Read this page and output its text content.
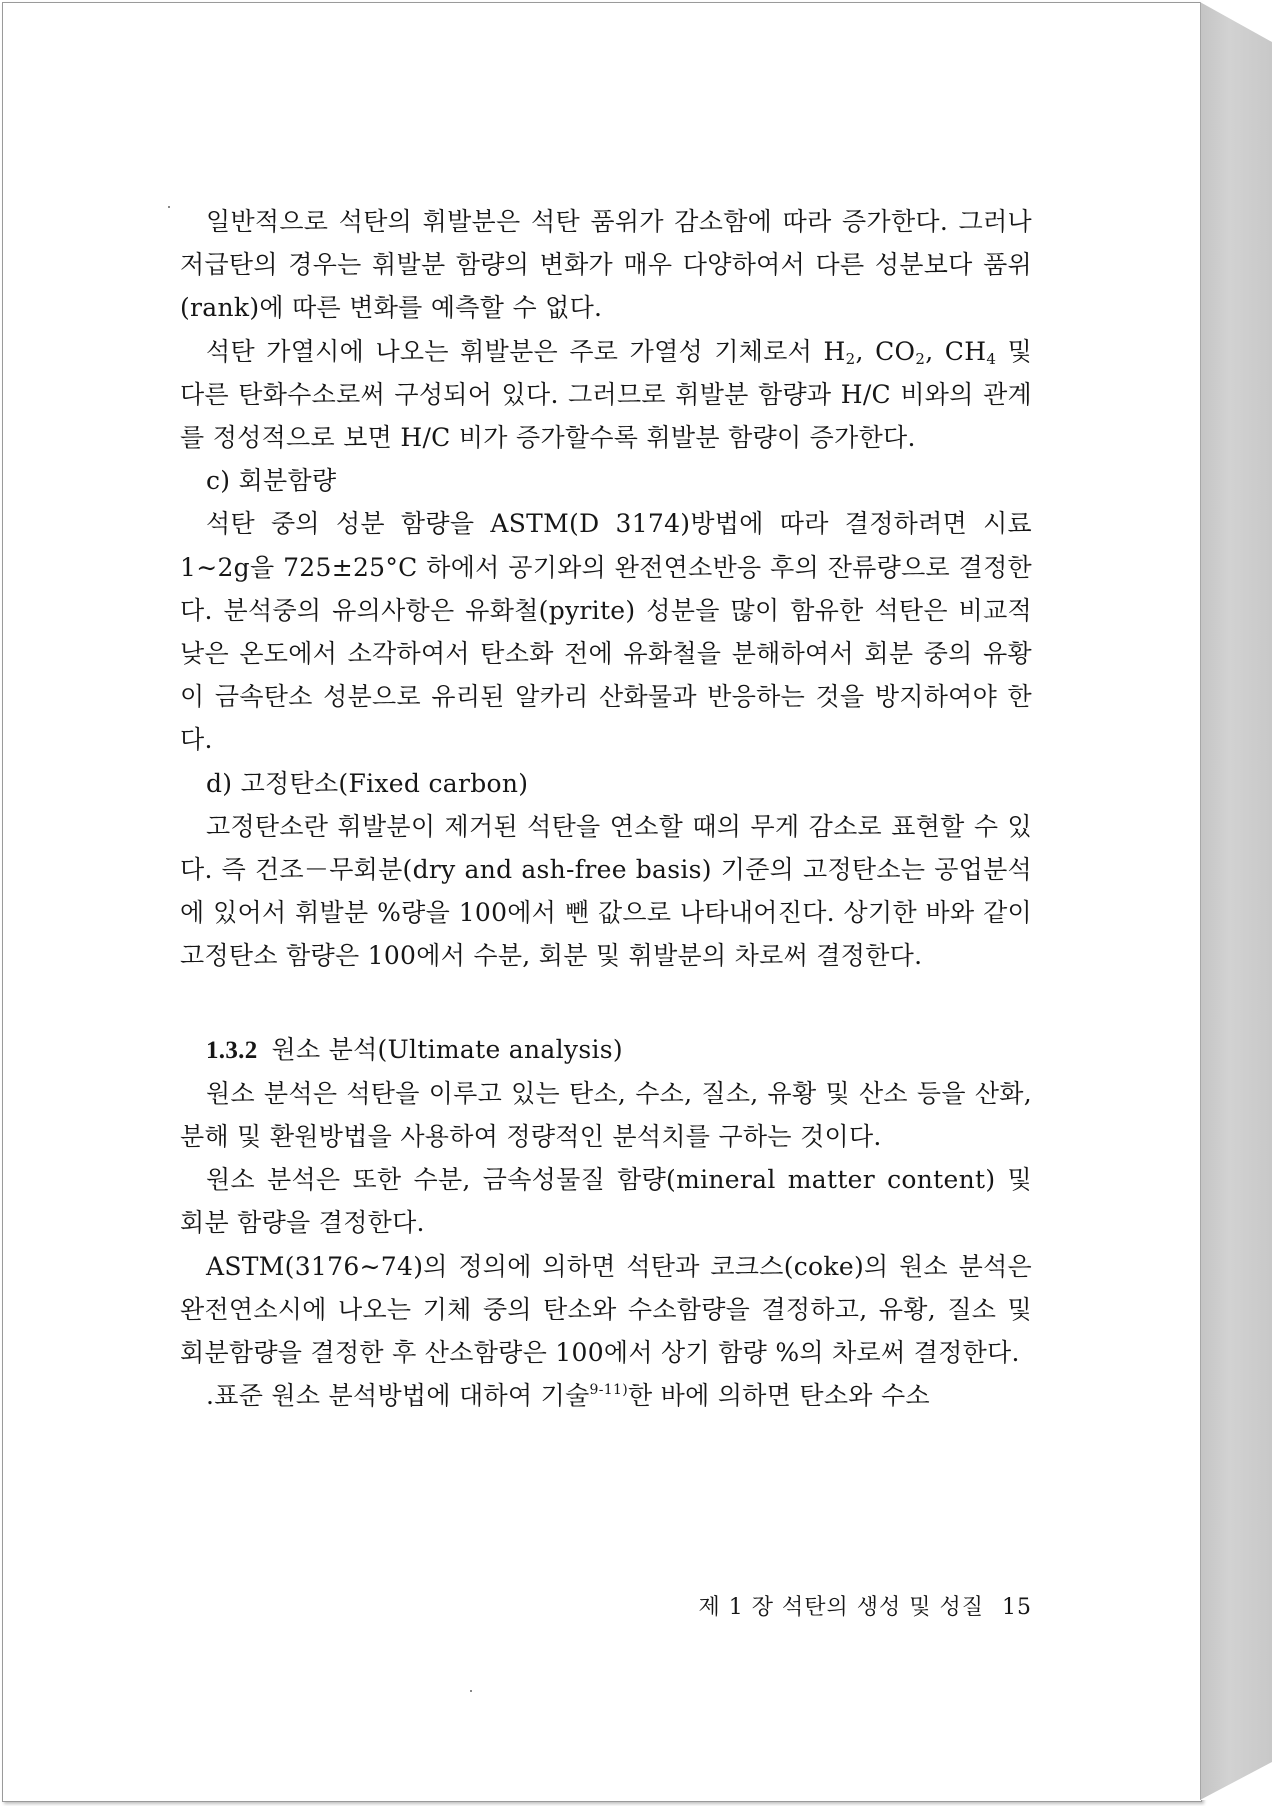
일반적으로 석탄의 휘발분은 석탄 품위가 감소함에 따라 증가한다. 그러나 저급탄의 경우는 휘발분 함량의 변화가 매우 다양하여서 다른 성분보다 품위(rank)에 따른 변화를 예측할 수 없다.

석탄 가열시에 나오는 휘발분은 주로 가열성 기체로서 $H_2$, $CO_2$, $CH_4$ 및 다른 탄화수소로써 구성되어 있다. 그러므로 휘발분 함량과 H/C 비와의 관계를 정성적으로 보면 H/C 비가 증가할수록 휘발분 함량이 증가한다.

c) 회분함량

석탄 중의 성분 함량을 ASTM(D 3174)방법에 따라 결정하려면 시료 1∼2g을 725±25°C 하에서 공기와의 완전연소반응 후의 잔류량으로 결정한다. 분석중의 유의사항은 유화철(pyrite) 성분을 많이 함유한 석탄은 비교적 낮은 온도에서 소각하여서 탄소화 전에 유화철을 분해하여서 회분 중의 유황이 금속탄소 성분으로 유리된 알카리 산화물과 반응하는 것을 방지하여야 한다.

d) 고정탄소(Fixed carbon)

고정탄소란 휘발분이 제거된 석탄을 연소할 때의 무게 감소로 표현할 수 있다. 즉 건조－무회분(dry and ash-free basis) 기준의 고정탄소는 공업분석에 있어서 휘발분 %량을 100에서 뺀 값으로 나타내어진다. 상기한 바와 같이 고정탄소 함량은 100에서 수분, 회분 및 휘발분의 차로써 결정한다.

1.3.2 원소 분석(Ultimate analysis)

원소 분석은 석탄을 이루고 있는 탄소, 수소, 질소, 유황 및 산소 등을 산화, 분해 및 환원방법을 사용하여 정량적인 분석치를 구하는 것이다.

원소 분석은 또한 수분, 금속성물질 함량(mineral matter content) 및 회분 함량을 결정한다.

ASTM(3176∼74)의 정의에 의하면 석탄과 코크스(coke)의 원소 분석은 완전연소시에 나오는 기체 중의 탄소와 수소함량을 결정하고, 유황, 질소 및 회분함량을 결정한 후 산소함량은 100에서 상기 함량 %의 차로써 결정한다.

.표준 원소 분석방법에 대하여 기술$^{9-11)}$한 바에 의하면 탄소와 수소

제 1 장 석탄의 생성 및 성질 15
